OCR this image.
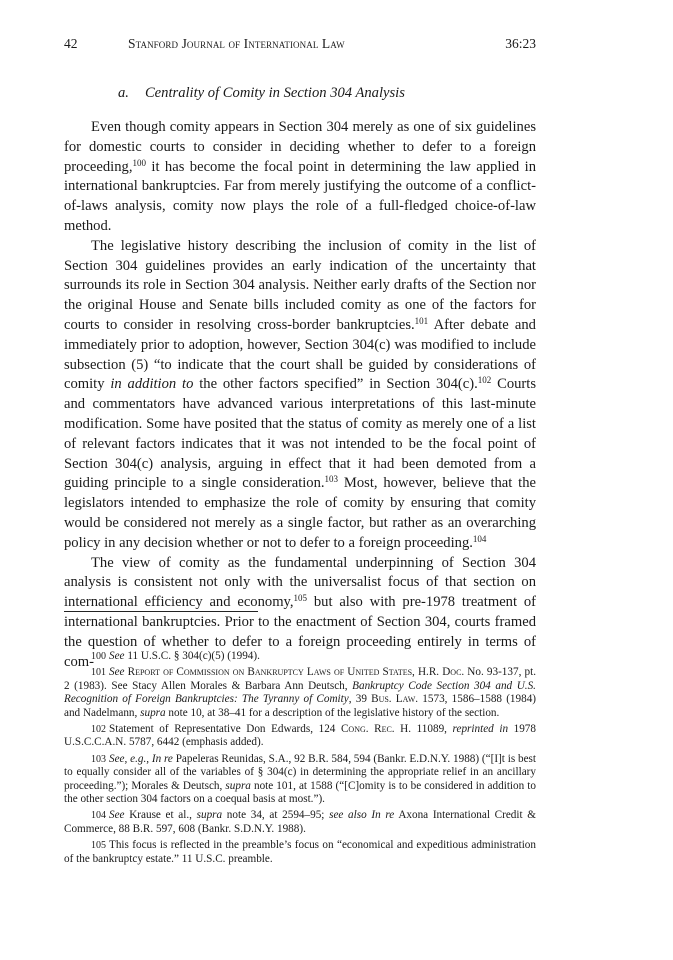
42	Stanford Journal of International Law	36:23
a. Centrality of Comity in Section 304 Analysis

Even though comity appears in Section 304 merely as one of six guidelines for domestic courts to consider in deciding whether to defer to a foreign proceeding,$^{100}$ it has become the focal point in determining the law applied in international bankruptcies. Far from merely justifying the outcome of a conflict-of-laws analysis, comity now plays the role of a full-fledged choice-of-law method.

The legislative history describing the inclusion of comity in the list of Section 304 guidelines provides an early indication of the uncertainty that surrounds its role in Section 304 analysis. Neither early drafts of the Section nor the original House and Senate bills included comity as one of the factors for courts to consider in resolving cross-border bankruptcies.$^{101}$ After debate and immediately prior to adoption, however, Section 304(c) was modified to include subsection (5) “to indicate that the court shall be guided by considerations of comity in addition to the other factors specified” in Section 304(c).$^{102}$ Courts and commentators have advanced various interpretations of this last-minute modification. Some have posited that the status of comity as merely one of a list of relevant factors indicates that it was not intended to be the focal point of Section 304(c) analysis, arguing in effect that it had been demoted from a guiding principle to a single consideration.$^{103}$ Most, however, believe that the legislators intended to emphasize the role of comity by ensuring that comity would be considered not merely as a single factor, but rather as an overarching policy in any decision whether or not to defer to a foreign proceeding.$^{104}$

The view of comity as the fundamental underpinning of Section 304 analysis is consistent not only with the universalist focus of that section on international efficiency and economy,$^{105}$ but also with pre-1978 treatment of international bankruptcies. Prior to the enactment of Section 304, courts framed the question of whether to defer to a foreign proceeding entirely in terms of com-

100 See 11 U.S.C. § 304(c)(5) (1994).

101 See Report of Commission on Bankruptcy Laws of United States, H.R. Doc. No. 93-137, pt. 2 (1983). See Stacy Allen Morales & Barbara Ann Deutsch, Bankruptcy Code Section 304 and U.S. Recognition of Foreign Bankruptcies: The Tyranny of Comity, 39 Bus. Law. 1573, 1586–1588 (1984) and Nadelmann, supra note 10, at 38–41 for a description of the legislative history of the section.

102 Statement of Representative Don Edwards, 124 Cong. Rec. H. 11089, reprinted in 1978 U.S.C.C.A.N. 5787, 6442 (emphasis added).

103 See, e.g., In re Papeleras Reunidas, S.A., 92 B.R. 584, 594 (Bankr. E.D.N.Y. 1988) (“[I]t is best to equally consider all of the variables of § 304(c) in determining the appropriate relief in an ancillary proceeding.”); Morales & Deutsch, supra note 101, at 1588 (“[C]omity is to be considered in addition to the other section 304 factors on a coequal basis at most.”).

104 See Krause et al., supra note 34, at 2594–95; see also In re Axona International Credit & Commerce, 88 B.R. 597, 608 (Bankr. S.D.N.Y. 1988).

105 This focus is reflected in the preamble’s focus on “economical and expeditious administration of the bankruptcy estate.” 11 U.S.C. preamble.
